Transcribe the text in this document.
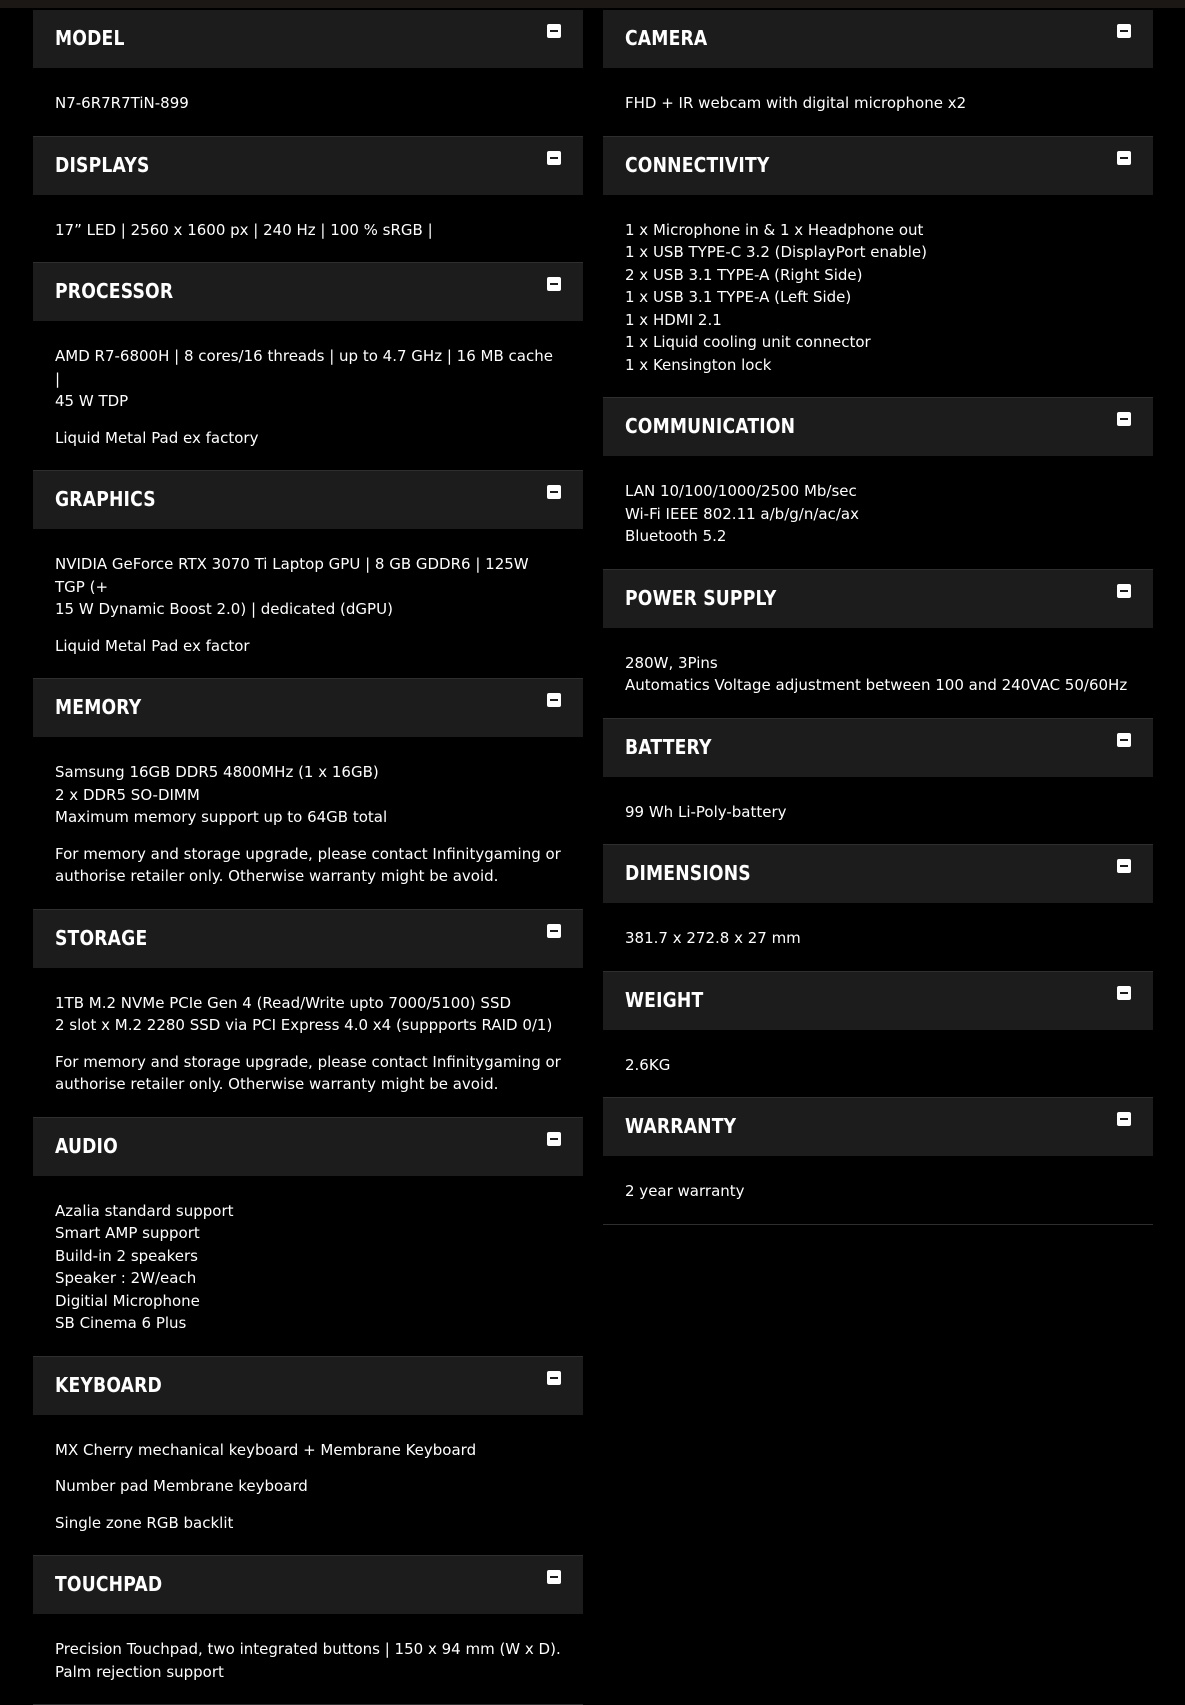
MODEL

N7-6R7R7TiN-899

DISPLAYS

17” LED | 2560 x 1600 px | 240 Hz | 100 % sRGB |

PROCESSOR

AMD R7-6800H | 8 cores/16 threads | up to 4.7 GHz | 16 MB cache |
45 W TDP

Liquid Metal Pad ex factory

GRAPHICS

NVIDIA GeForce RTX 3070 Ti Laptop GPU | 8 GB GDDR6 | 125W TGP (+
15 W Dynamic Boost 2.0) | dedicated (dGPU)

Liquid Metal Pad ex factor

MEMORY

Samsung 16GB DDR5 4800MHz (1 x 16GB)
2 x DDR5 SO-DIMM
Maximum memory support up to 64GB total

For memory and storage upgrade, please contact Infinitygaming or
authorise retailer only. Otherwise warranty might be avoid.

STORAGE

1TB M.2 NVMe PCIe Gen 4 (Read/Write upto 7000/5100) SSD
2 slot x M.2 2280 SSD via PCI Express 4.0 x4 (suppports RAID 0/1)

For memory and storage upgrade, please contact Infinitygaming or
authorise retailer only. Otherwise warranty might be avoid.

AUDIO

Azalia standard support
Smart AMP support
Build-in 2 speakers
Speaker : 2W/each
Digitial Microphone
SB Cinema 6 Plus

KEYBOARD

MX Cherry mechanical keyboard + Membrane Keyboard

Number pad Membrane keyboard

Single zone RGB backlit

TOUCHPAD

Precision Touchpad, two integrated buttons | 150 x 94 mm (W x D).
Palm rejection support

CAMERA

FHD + IR webcam with digital microphone x2

CONNECTIVITY

1 x Microphone in & 1 x Headphone out
1 x USB TYPE-C 3.2 (DisplayPort enable)
2 x USB 3.1 TYPE-A (Right Side)
1 x USB 3.1 TYPE-A (Left Side)
1 x HDMI 2.1
1 x Liquid cooling unit connector
1 x Kensington lock

COMMUNICATION

LAN 10/100/1000/2500 Mb/sec
Wi-Fi IEEE 802.11 a/b/g/n/ac/ax
Bluetooth 5.2

POWER SUPPLY

280W, 3Pins
Automatics Voltage adjustment between 100 and 240VAC 50/60Hz

BATTERY

99 Wh Li-Poly-battery

DIMENSIONS

381.7 x 272.8 x 27 mm

WEIGHT

2.6KG

WARRANTY

2 year warranty
